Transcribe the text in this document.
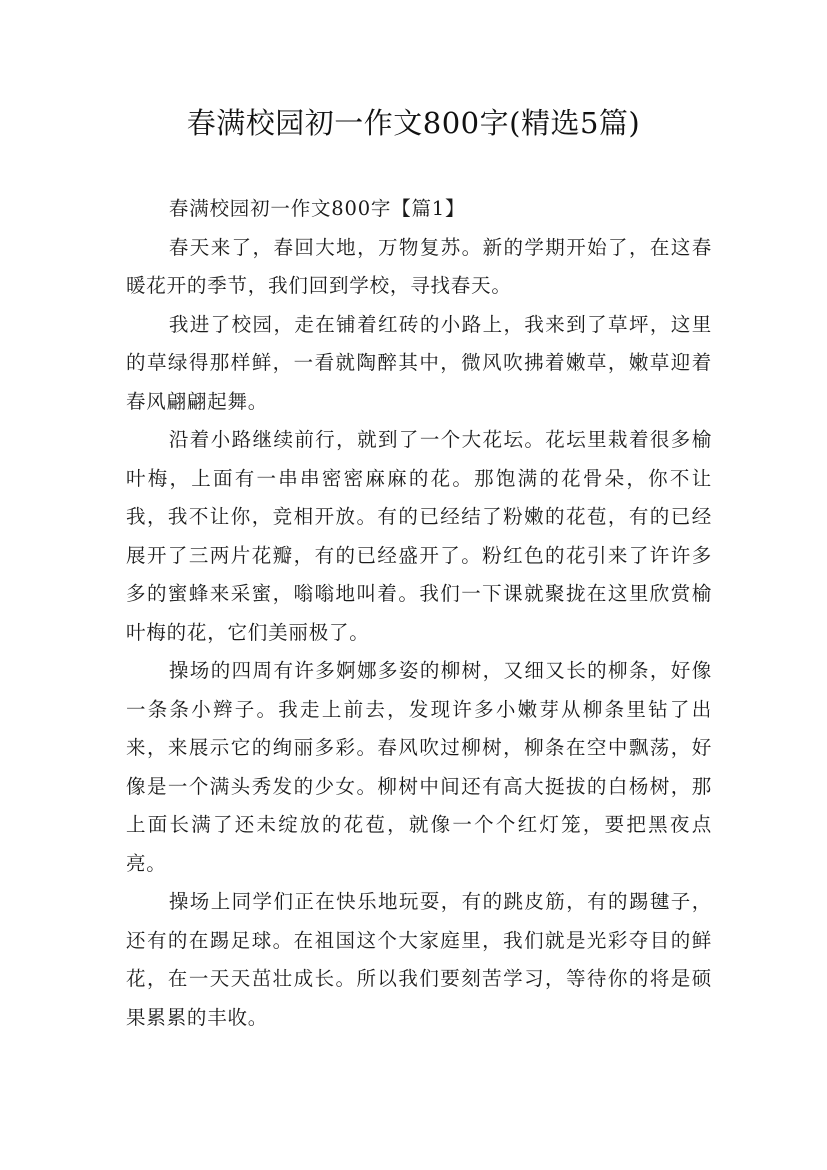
春满校园初一作文800字(精选5篇)
春满校园初一作文800字【篇1】

春天来了，春回大地，万物复苏。新的学期开始了，在这春暖花开的季节，我们回到学校，寻找春天。

我进了校园，走在铺着红砖的小路上，我来到了草坪，这里的草绿得那样鲜，一看就陶醉其中，微风吹拂着嫩草，嫩草迎着春风翩翩起舞。

沿着小路继续前行，就到了一个大花坛。花坛里栽着很多榆叶梅，上面有一串串密密麻麻的花。那饱满的花骨朵，你不让我，我不让你，竞相开放。有的已经结了粉嫩的花苞，有的已经展开了三两片花瓣，有的已经盛开了。粉红色的花引来了许许多多的蜜蜂来采蜜，嗡嗡地叫着。我们一下课就聚拢在这里欣赏榆叶梅的花，它们美丽极了。

操场的四周有许多婀娜多姿的柳树，又细又长的柳条，好像一条条小辫子。我走上前去，发现许多小嫩芽从柳条里钻了出来，来展示它的绚丽多彩。春风吹过柳树，柳条在空中飘荡，好像是一个满头秀发的少女。柳树中间还有高大挺拔的白杨树，那上面长满了还未绽放的花苞，就像一个个红灯笼，要把黑夜点亮。

操场上同学们正在快乐地玩耍，有的跳皮筋，有的踢毽子，还有的在踢足球。在祖国这个大家庭里，我们就是光彩夺目的鲜花，在一天天茁壮成长。所以我们要刻苦学习，等待你的将是硕果累累的丰收。
